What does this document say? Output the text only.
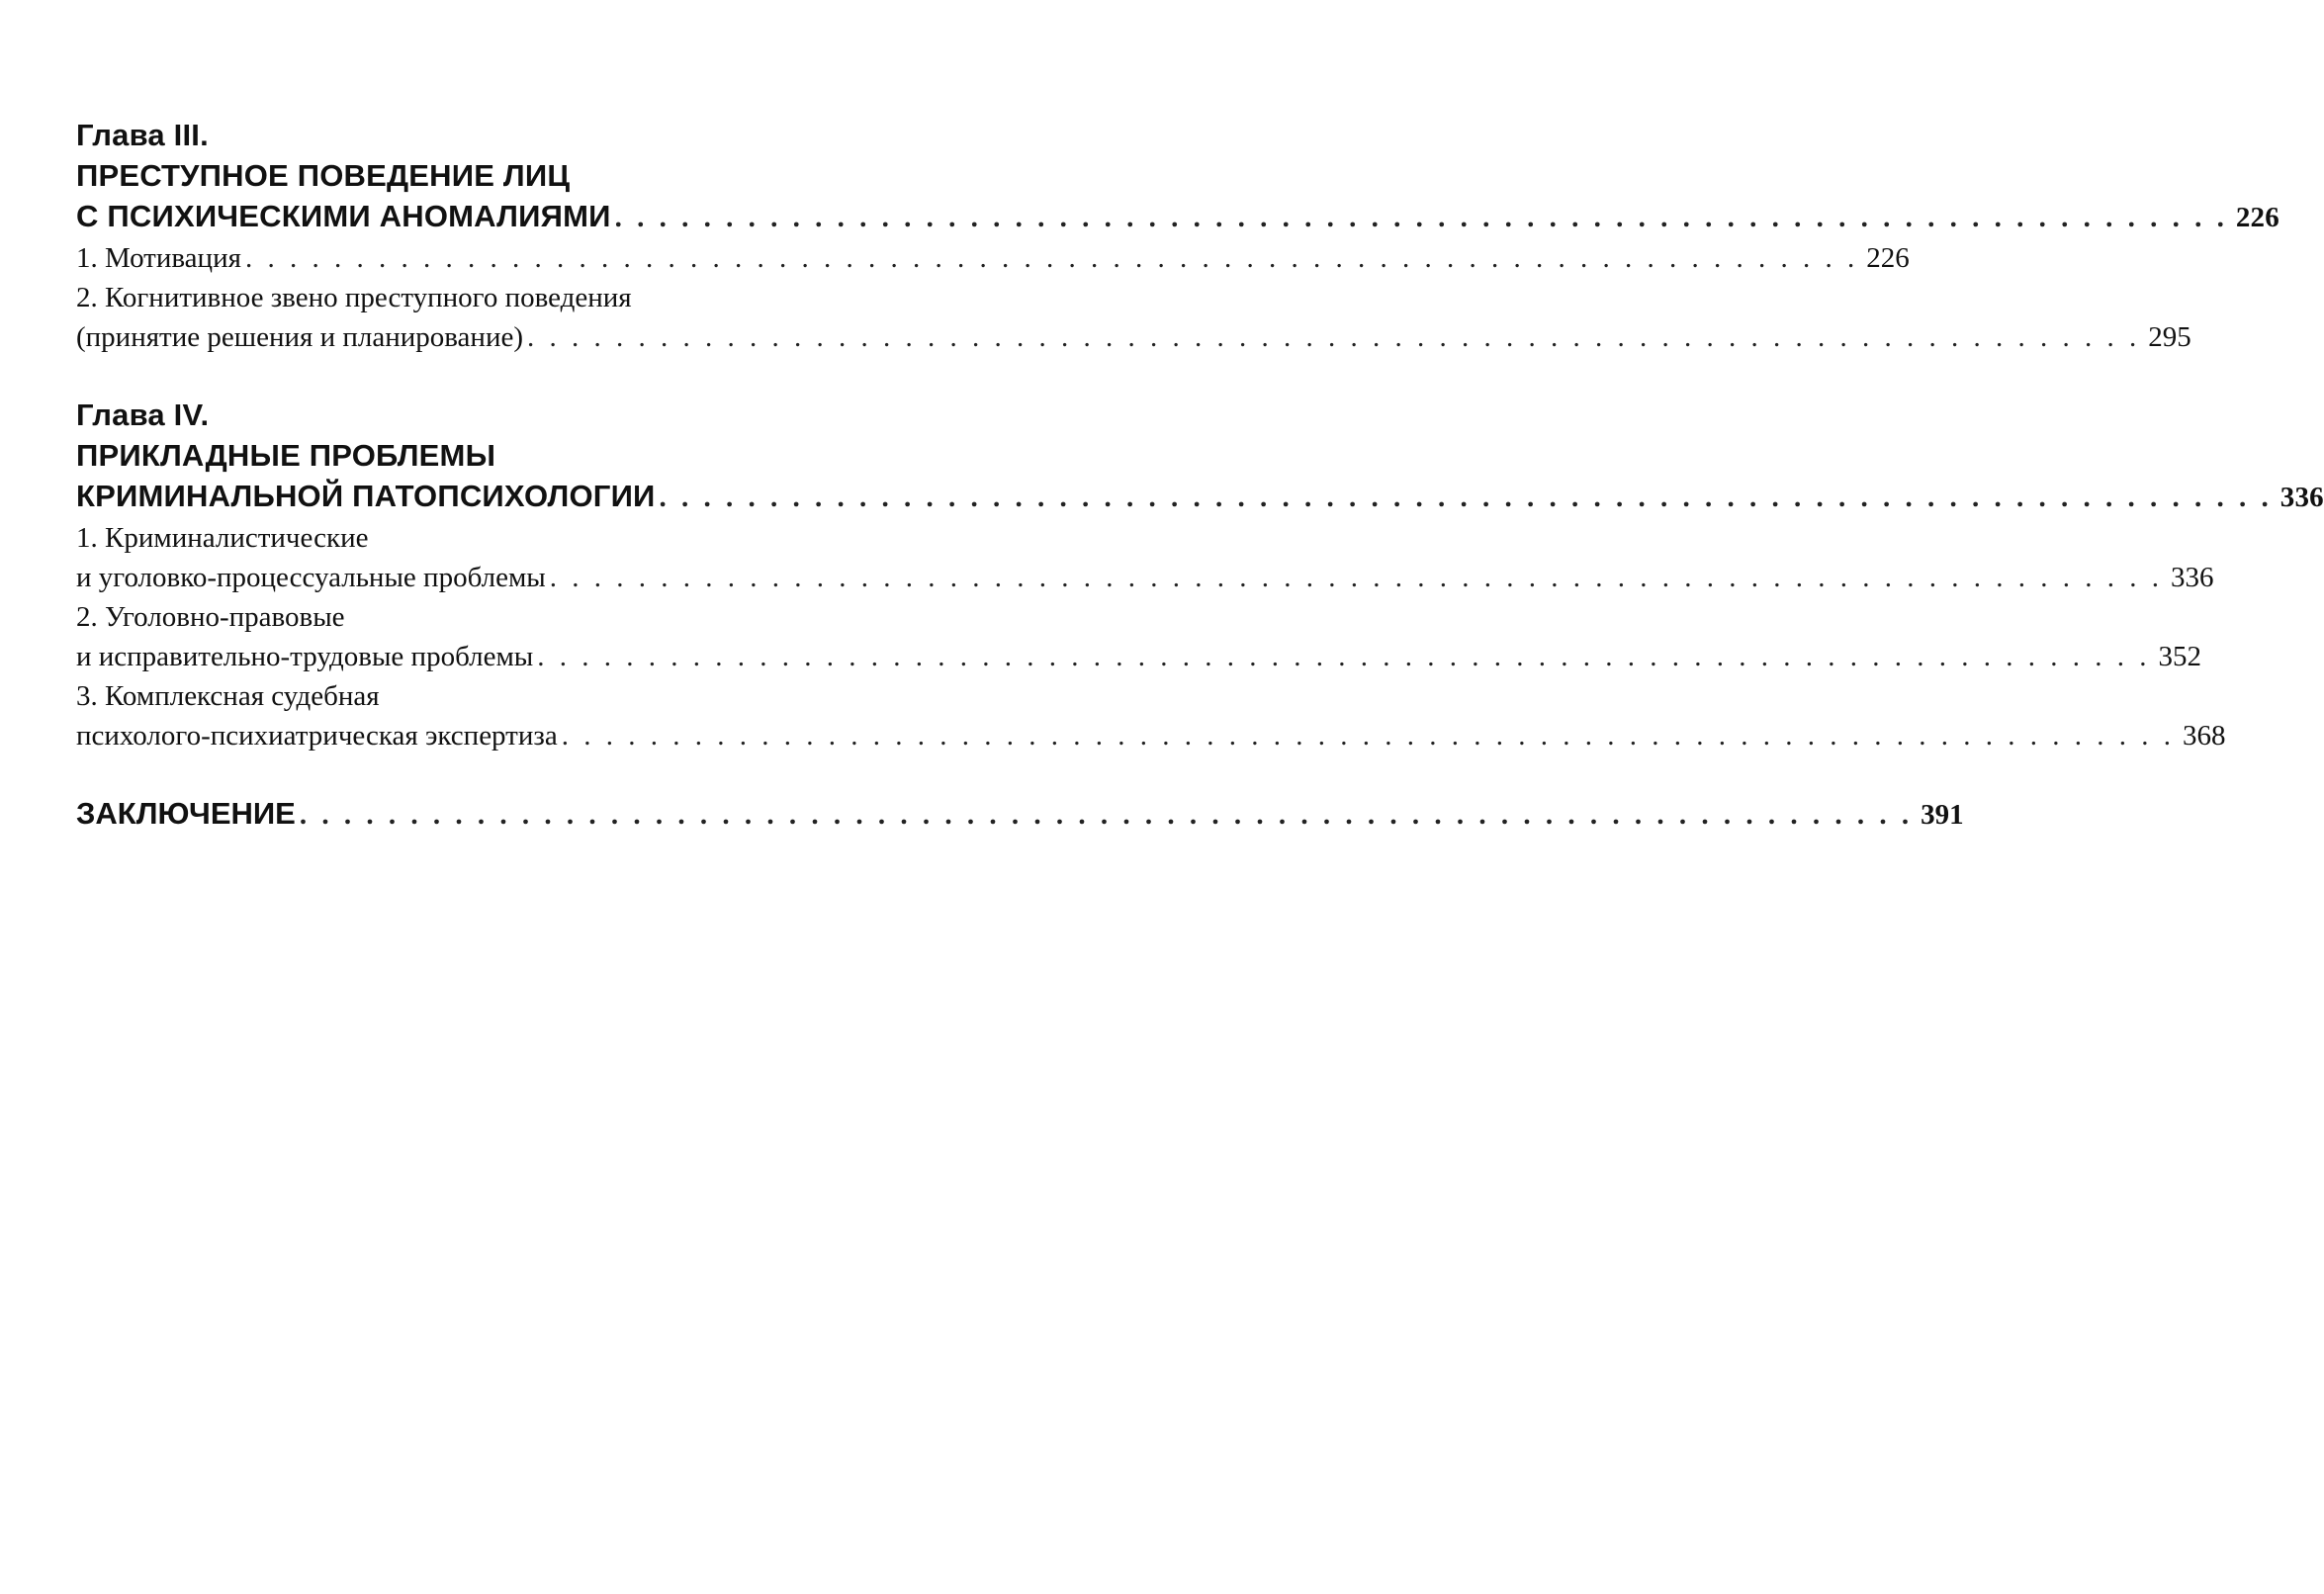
Глава III.
ПРЕСТУПНОЕ ПОВЕДЕНИЕ ЛИЦ
С ПСИХИЧЕСКИМИ АНОМАЛИЯМИ . . . . . . . . . . . . . . . . . . . . . . . . . . . . . . . . . . . . . . . . . . . . . . . . . . . . . . . . . . . . . . . . . . . . . . . . . 226
1. Мотивация . . . . . . . . . . . . . . . . . . . . . . . . . . . . . . . . . . . . . . . . . . . . . . . . . . . . . . . . . . . . . . . . . . . . . . . . . 226
2. Когнитивное звено преступного поведения
(принятие решения и планирование) . . . . . . . . . . . . . . . . . . . . . . . . . . . . . . . . . . . . . . . . . . . . . . . . . . . . . . . . . . . . . . . . . . . . . . . . . 295
Глава IV.
ПРИКЛАДНЫЕ ПРОБЛЕМЫ
КРИМИНАЛЬНОЙ ПАТОПСИХОЛОГИИ . . . . . . . . . . . . . . . . . . . . . . . . . . . . . . . . . . . . . . . . . . . . . . . . . . . . . . . . . . . . . . . . . . . . . . . . . 336
1. Криминалистические
и уголовко-процессуальные проблемы . . . . . . . . . . . . . . . . . . . . . . . . . . . . . . . . . . . . . . . . . . . . . . . . . . . . . . . . . . . . . . . . . . . . . . . . . 336
2. Уголовно-правовые
и исправительно-трудовые проблемы . . . . . . . . . . . . . . . . . . . . . . . . . . . . . . . . . . . . . . . . . . . . . . . . . . . . . . . . . . . . . . . . . . . . . . . . . 352
3. Комплексная судебная
психолого-психиатрическая экспертиза . . . . . . . . . . . . . . . . . . . . . . . . . . . . . . . . . . . . . . . . . . . . . . . . . . . . . . . . . . . . . . . . . . . . . . . . . 368
ЗАКЛЮЧЕНИЕ . . . . . . . . . . . . . . . . . . . . . . . . . . . . . . . . . . . . . . . . . . . . . . . . . . . . . . . . . . . . . . . . . . . . . . . . . 391
